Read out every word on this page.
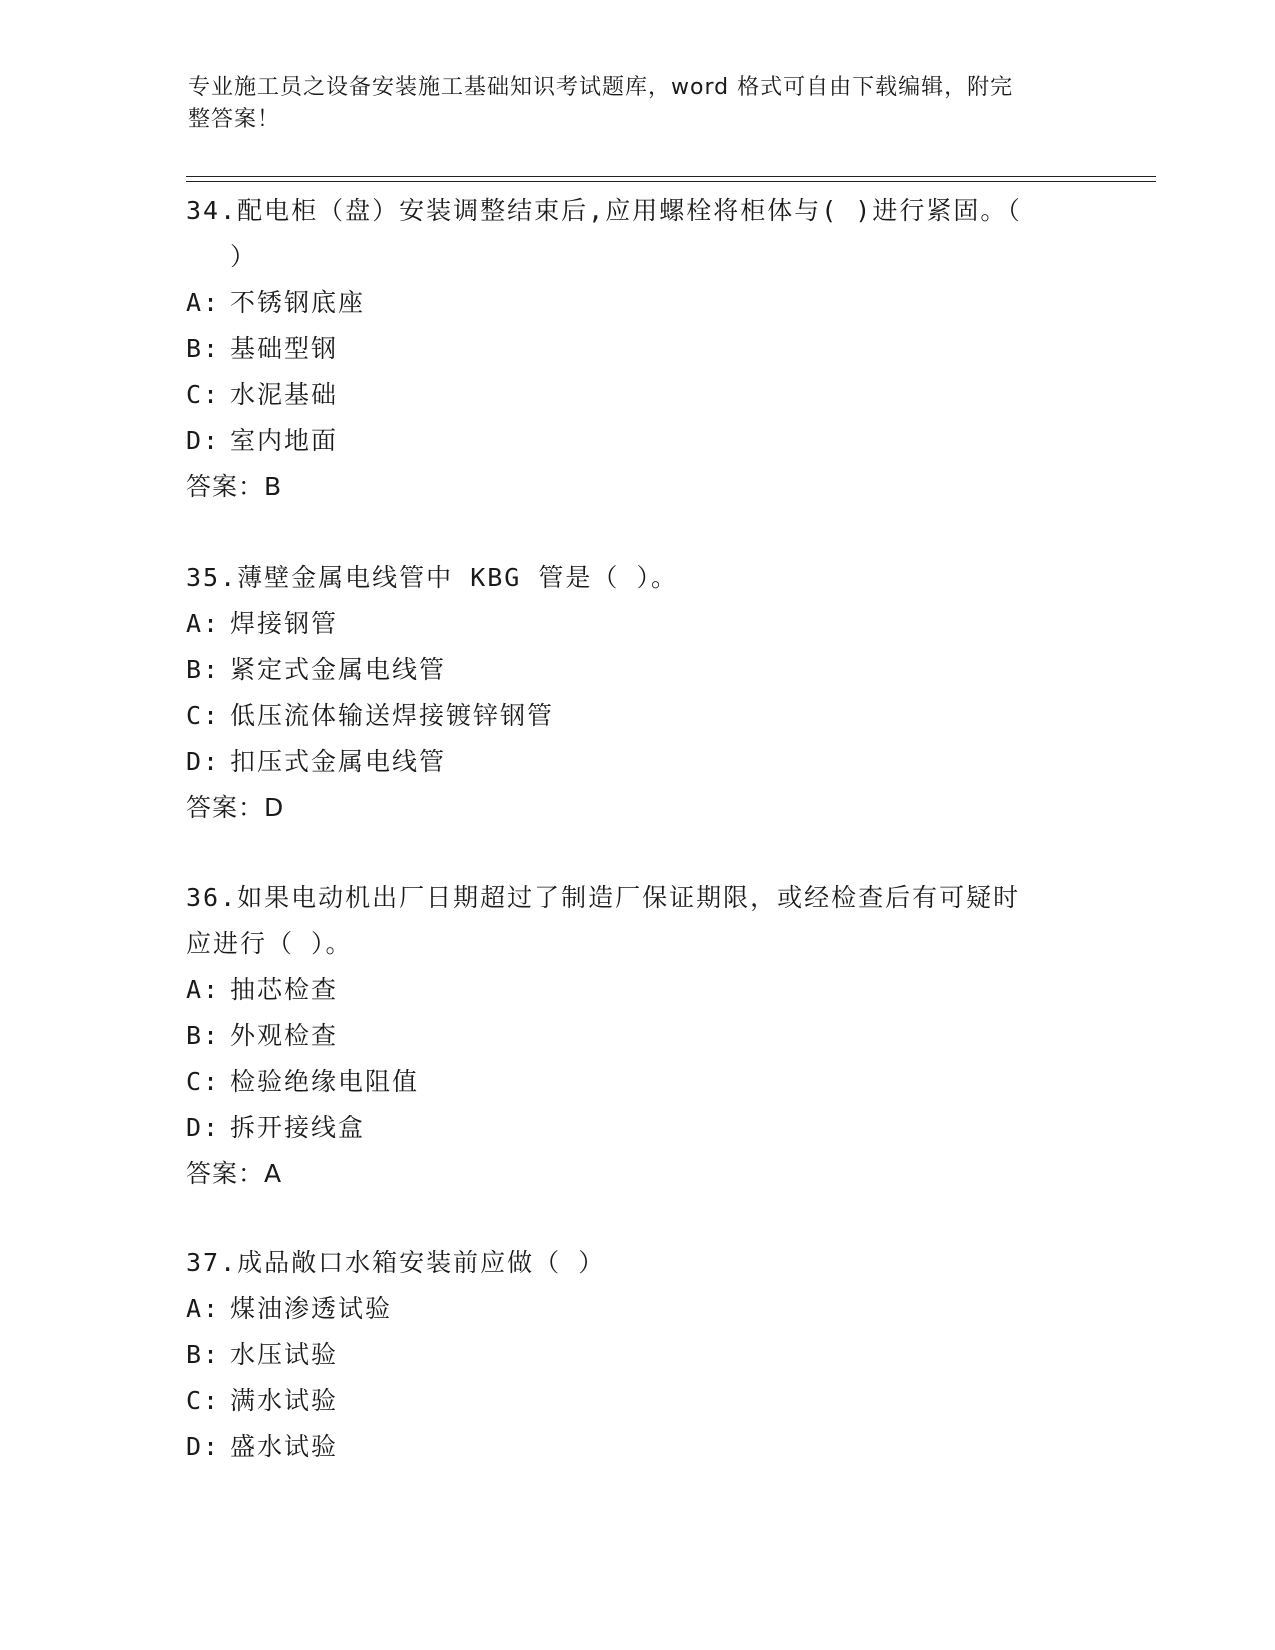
专业施工员之设备安装施工基础知识考试题库，word 格式可自由下载编辑，附完
整答案！
34.配电柜（盘）安装调整结束后,应用螺栓将柜体与( )进行紧固。（
）
A: 不锈钢底座
B: 基础型钢
C: 水泥基础
D: 室内地面
答案：B
35.薄壁金属电线管中 KBG 管是（ ）。
A: 焊接钢管
B: 紧定式金属电线管
C: 低压流体输送焊接镀锌钢管
D: 扣压式金属电线管
答案：D
36.如果电动机出厂日期超过了制造厂保证期限，或经检查后有可疑时
应进行（ ）。
A: 抽芯检查
B: 外观检查
C: 检验绝缘电阻值
D: 拆开接线盒
答案：A
37.成品敞口水箱安装前应做（ ）
A: 煤油渗透试验
B: 水压试验
C: 满水试验
D: 盛水试验
